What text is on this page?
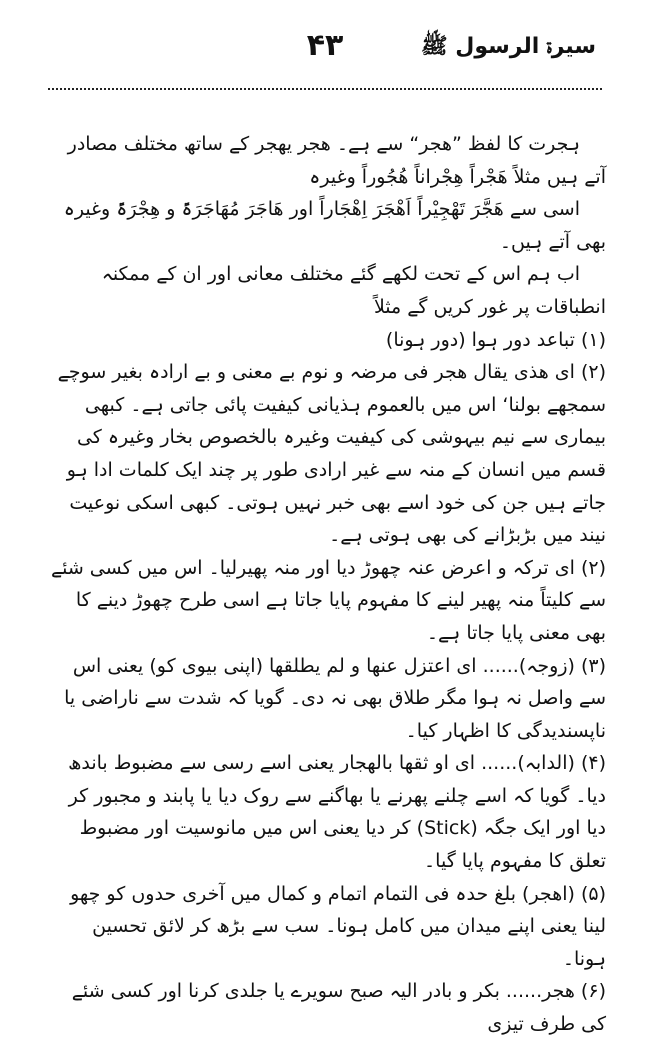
۴۳	سیرۃ الرسول ﷺ

ہجرت کا لفظ ”ھجر“ سے ہے۔ ھجر یھجر کے ساتھ مختلف مصادر آتے ہیں مثلاً ھَجْراً ھِجْراناً ھُجُوراً وغیرہ

اسی سے ھَجَّرَ تَھْجِیْراً اَھْجَرَ اِھْجَاراً اور ھَاجَرَ مُھَاجَرَۃً و ھِجْرَۃً وغیرہ بھی آتے ہیں۔

اب ہم اس کے تحت لکھے گئے مختلف معانی اور ان کے ممکنہ انطباقات پر غور کریں گے مثلاً

(۱) تباعد دور ہوا (دور ہونا)

(۲) ای ھذی یقال ھجر فی مرضہ و نوم بے معنی و بے ارادہ بغیر سوچے سمجھے بولنا‘ اس میں بالعموم ہذیانی کیفیت پائی جاتی ہے۔ کبھی بیماری سے نیم بیہوشی کی کیفیت وغیرہ بالخصوص بخار وغیرہ کی قسم میں انسان کے منہ سے غیر ارادی طور پر چند ایک کلمات ادا ہو جاتے ہیں جن کی خود اسے بھی خبر نہیں ہوتی۔ کبھی اسکی نوعیت نیند میں بڑبڑانے کی بھی ہوتی ہے۔

(۲) ای ترکہ و اعرض عنہ چھوڑ دیا اور منہ پھیرلیا۔ اس میں کسی شئے سے کلیتاً منہ پھیر لینے کا مفہوم پایا جاتا ہے اسی طرح چھوڑ دینے کا بھی معنی پایا جاتا ہے۔

(۳) (زوجہ)...... ای اعتزل عنھا و لم یطلقھا (اپنی بیوی کو) یعنی اس سے واصل نہ ہوا مگر طلاق بھی نہ دی۔ گویا کہ شدت سے ناراضی یا ناپسندیدگی کا اظہار کیا۔

(۴) (الدابہ)...... ای او ثقھا بالھجار یعنی اسے رسی سے مضبوط باندھ دیا۔ گویا کہ اسے چلنے پھرنے یا بھاگنے سے روک دیا یا پابند و مجبور کر دیا اور ایک جگہ (Stick) کر دیا یعنی اس میں مانوسیت اور مضبوط تعلق کا مفہوم پایا گیا۔

(۵) (اھجر) بلغ حدہ فی التمام اتمام و کمال میں آخری حدوں کو چھو لینا یعنی اپنے میدان میں کامل ہونا۔ سب سے بڑھ کر لائق تحسین ہونا۔

(۶) ھجر...... بکر و بادر الیہ صبح سویرے یا جلدی کرنا اور کسی شئے کی طرف تیزی
